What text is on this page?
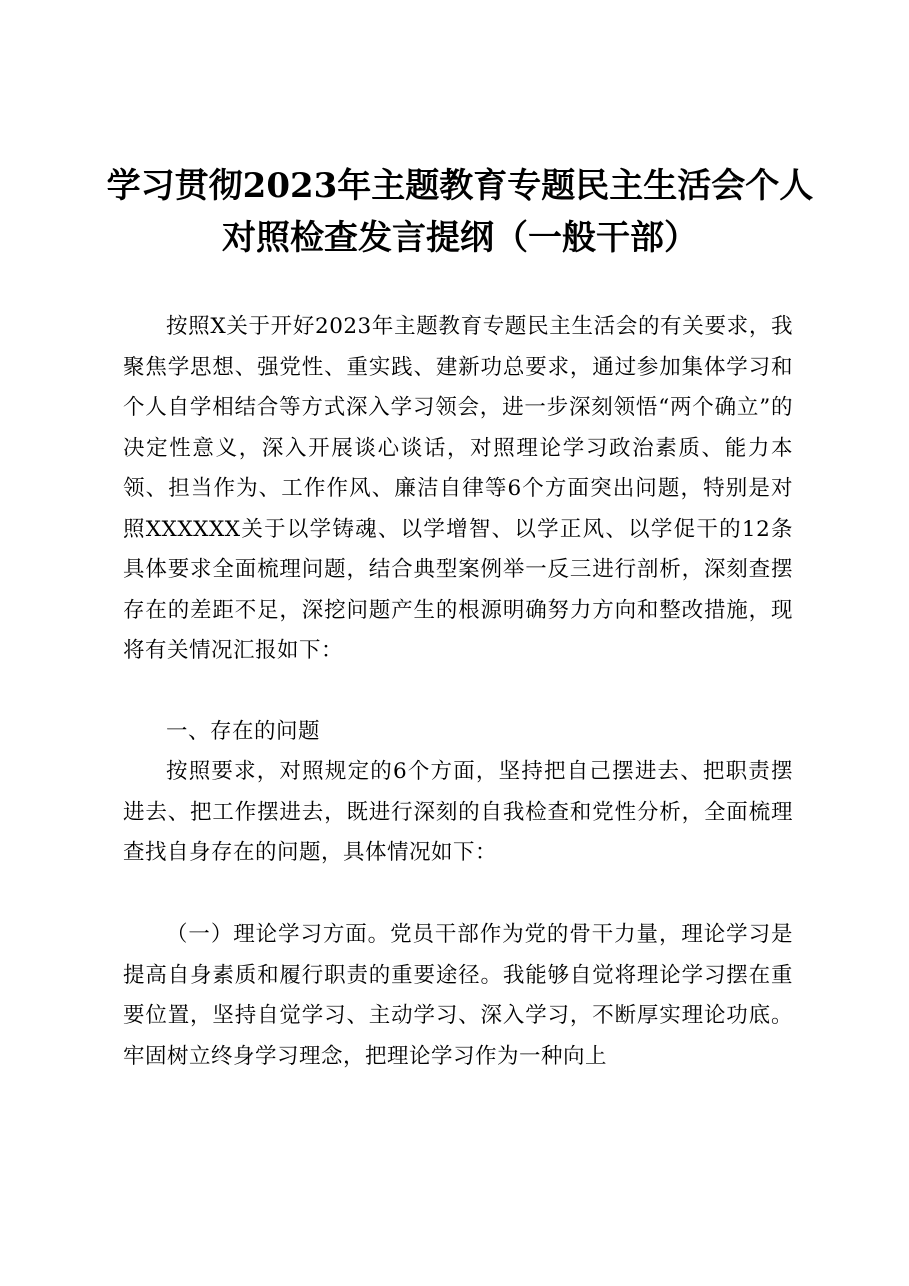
学习贯彻2023年主题教育专题民主生活会个人对照检查发言提纲（一般干部）
按照X关于开好2023年主题教育专题民主生活会的有关要求，我聚焦学思想、强党性、重实践、建新功总要求，通过参加集体学习和个人自学相结合等方式深入学习领会，进一步深刻领悟“两个确立”的决定性意义，深入开展谈心谈话，对照理论学习政治素质、能力本领、担当作为、工作作风、廉洁自律等6个方面突出问题，特别是对照XXXXXX关于以学铸魂、以学增智、以学正风、以学促干的12条具体要求全面梳理问题，结合典型案例举一反三进行剖析，深刻查摆存在的差距不足，深挖问题产生的根源明确努力方向和整改措施，现将有关情况汇报如下：
一、存在的问题
按照要求，对照规定的6个方面，坚持把自己摆进去、把职责摆进去、把工作摆进去，既进行深刻的自我检查和党性分析，全面梳理查找自身存在的问题，具体情况如下：
（一）理论学习方面。党员干部作为党的骨干力量，理论学习是提高自身素质和履行职责的重要途径。我能够自觉将理论学习摆在重要位置，坚持自觉学习、主动学习、深入学习，不断厚实理论功底。牢固树立终身学习理念，把理论学习作为一种向上
